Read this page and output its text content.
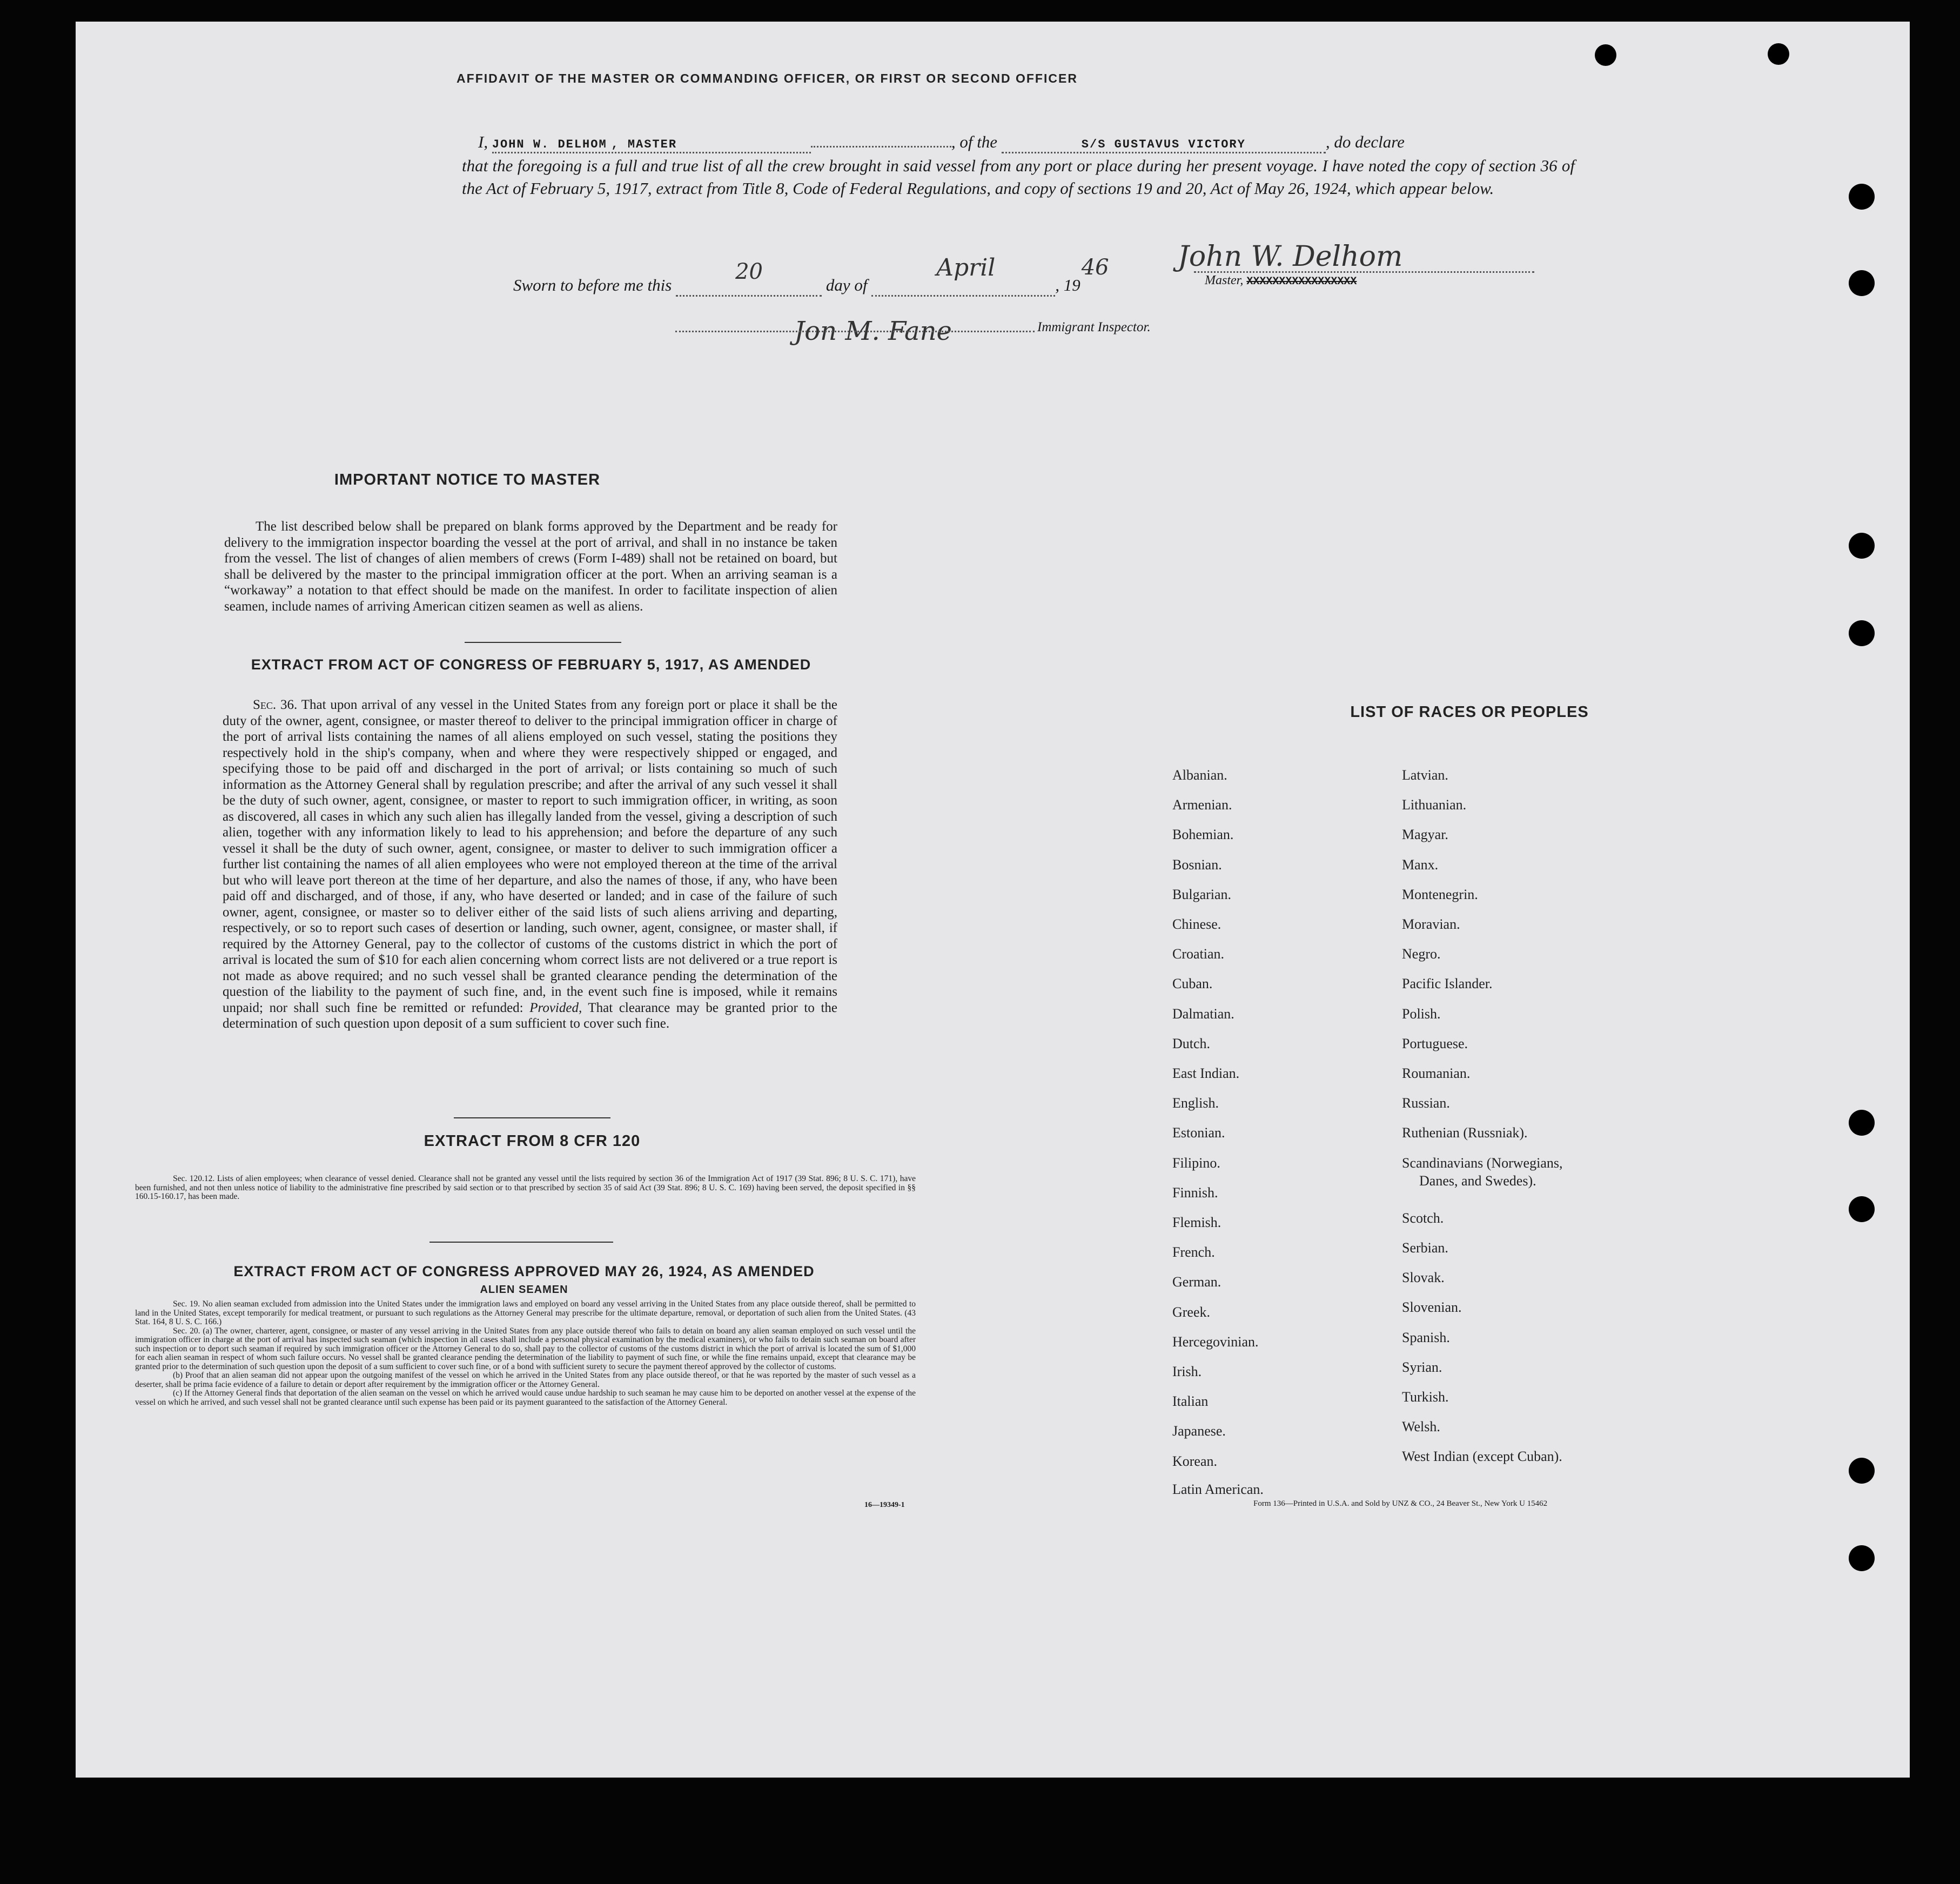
AFFIDAVIT OF THE MASTER OR COMMANDING OFFICER, OR FIRST OR SECOND OFFICER
I, JOHN W. DELHOM , MASTER	, of the	S/S GUSTAVUS VICTORY	, do declare
that the foregoing is a full and true list of all the crew brought in said vessel from any port or place during her present voyage. I have noted the copy of section 36 of the Act of February 5, 1917, extract from Title 8, Code of Federal Regulations, and copy of sections 19 and 20, Act of May 26, 1924, which appear below.
Sworn to before me this
20
day of
April
, 19
46 John W. Delhom
Master, XXXXXXXXXXXXXXXXX
Jon M. Fane	Immigrant Inspector.
IMPORTANT NOTICE TO MASTER
The list described below shall be prepared on blank forms approved by the Department and be ready for delivery to the immigration inspector boarding the vessel at the port of arrival, and shall in no instance be taken from the vessel. The list of changes of alien members of crews (Form I-489) shall not be retained on board, but shall be delivered by the master to the principal immigration officer at the port. When an arriving seaman is a “workaway” a notation to that effect should be made on the manifest. In order to facilitate inspection of alien seamen, include names of arriving American citizen seamen as well as aliens.
EXTRACT FROM ACT OF CONGRESS OF FEBRUARY 5, 1917, AS AMENDED
Sec. 36. That upon arrival of any vessel in the United States from any foreign port or place it shall be the duty of the owner, agent, consignee, or master thereof to deliver to the principal immigration officer in charge of the port of arrival lists containing the names of all aliens employed on such vessel, stating the positions they respectively hold in the ship's company, when and where they were respectively shipped or engaged, and specifying those to be paid off and discharged in the port of arrival; or lists containing so much of such information as the Attorney General shall by regulation prescribe; and after the arrival of any such vessel it shall be the duty of such owner, agent, consignee, or master to report to such immigration officer, in writing, as soon as discovered, all cases in which any such alien has illegally landed from the vessel, giving a description of such alien, together with any information likely to lead to his apprehension; and before the departure of any such vessel it shall be the duty of such owner, agent, consignee, or master to deliver to such immigration officer a further list containing the names of all alien employees who were not employed thereon at the time of the arrival but who will leave port thereon at the time of her departure, and also the names of those, if any, who have been paid off and discharged, and of those, if any, who have deserted or landed; and in case of the failure of such owner, agent, consignee, or master so to deliver either of the said lists of such aliens arriving and departing, respectively, or so to report such cases of desertion or landing, such owner, agent, consignee, or master shall, if required by the Attorney General, pay to the collector of customs of the customs district in which the port of arrival is located the sum of $10 for each alien concerning whom correct lists are not delivered or a true report is not made as above required; and no such vessel shall be granted clearance pending the determination of the question of the liability to the payment of such fine, and, in the event such fine is imposed, while it remains unpaid; nor shall such fine be remitted or refunded: Provided, That clearance may be granted prior to the determination of such question upon deposit of a sum sufficient to cover such fine.
EXTRACT FROM 8 CFR 120
Sec. 120.12. Lists of alien employees; when clearance of vessel denied. Clearance shall not be granted any vessel until the lists required by section 36 of the Immigration Act of 1917 (39 Stat. 896; 8 U. S. C. 171), have been furnished, and not then unless notice of liability to the administrative fine prescribed by said section or to that prescribed by section 35 of said Act (39 Stat. 896; 8 U. S. C. 169) having been served, the deposit specified in §§ 160.15-160.17, has been made.
EXTRACT FROM ACT OF CONGRESS APPROVED MAY 26, 1924, AS AMENDED
ALIEN SEAMEN
Sec. 19. No alien seaman excluded from admission into the United States under the immigration laws and employed on board any vessel arriving in the United States from any place outside thereof, shall be permitted to land in the United States, except temporarily for medical treatment, or pursuant to such regulations as the Attorney General may prescribe for the ultimate departure, removal, or deportation of such alien from the United States. (43 Stat. 164, 8 U. S. C. 166.)
Sec. 20. (a) The owner, charterer, agent, consignee, or master of any vessel arriving in the United States from any place outside thereof who fails to detain on board any alien seaman employed on such vessel until the immigration officer in charge at the port of arrival has inspected such seaman (which inspection in all cases shall include a personal physical examination by the medical examiners), or who fails to detain such seaman on board after such inspection or to deport such seaman if required by such immigration officer or the Attorney General to do so, shall pay to the collector of customs of the customs district in which the port of arrival is located the sum of $1,000 for each alien seaman in respect of whom such failure occurs. No vessel shall be granted clearance pending the determination of the liability to payment of such fine, or while the fine remains unpaid, except that clearance may be granted prior to the determination of such question upon the deposit of a sum sufficient to cover such fine, or of a bond with sufficient surety to secure the payment thereof approved by the collector of customs.
(b) Proof that an alien seaman did not appear upon the outgoing manifest of the vessel on which he arrived in the United States from any place outside thereof, or that he was reported by the master of such vessel as a deserter, shall be prima facie evidence of a failure to detain or deport after requirement by the immigration officer or the Attorney General.
(c) If the Attorney General finds that deportation of the alien seaman on the vessel on which he arrived would cause undue hardship to such seaman he may cause him to be deported on another vessel at the expense of the vessel on which he arrived, and such vessel shall not be granted clearance until such expense has been paid or its payment guaranteed to the satisfaction of the Attorney General.
16—19349-1
LIST OF RACES OR PEOPLES
Albanian.
Armenian.
Bohemian.
Bosnian.
Bulgarian.
Chinese.
Croatian.
Cuban.
Dalmatian.
Dutch.
East Indian.
English.
Estonian.
Filipino.
Finnish.
Flemish.
French.
German.
Greek.
Hercegovinian.
Irish.
Italian
Japanese.
Korean.
Latin American.
Latvian.
Lithuanian.
Magyar.
Manx.
Montenegrin.
Moravian.
Negro.
Pacific Islander.
Polish.
Portuguese.
Roumanian.
Russian.
Ruthenian (Russniak).
Scandinavians (Norwegians,
Danes, and Swedes).
Scotch.
Serbian.
Slovak.
Slovenian.
Spanish.
Syrian.
Turkish.
Welsh.
West Indian (except Cuban).
Form 136—Printed in U.S.A. and Sold by UNZ & CO., 24 Beaver St., New York U 15462
